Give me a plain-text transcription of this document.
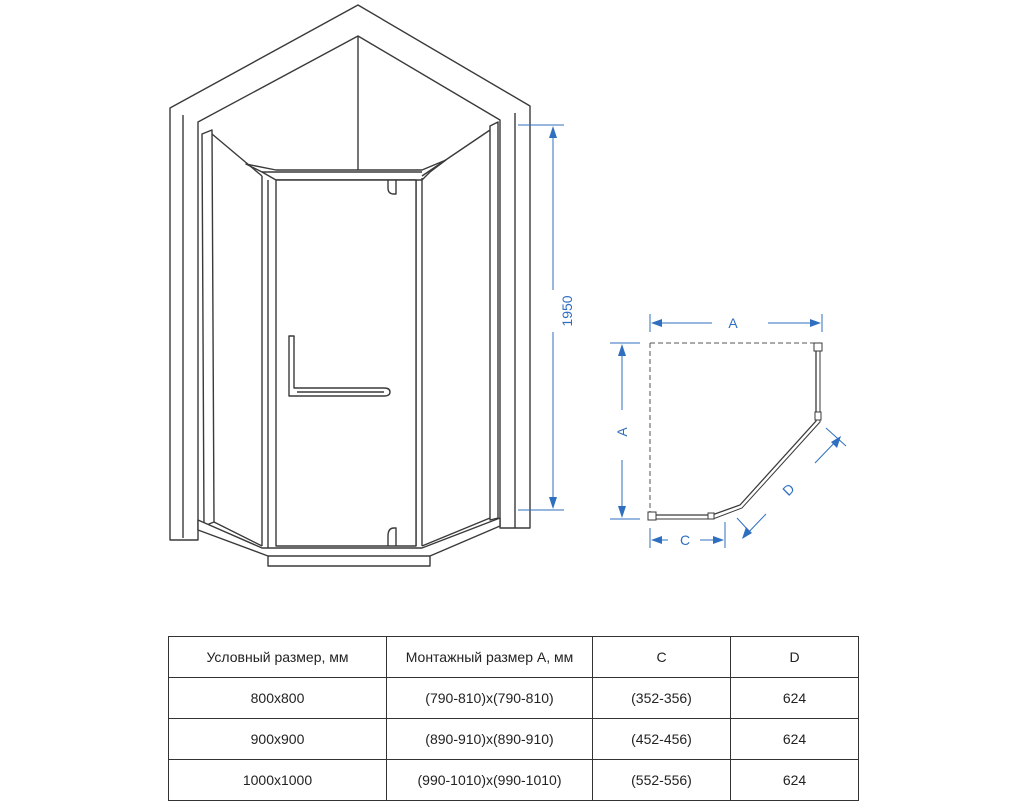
1950	A
A
C
D
Условный размер, мм	Монтажный размер А, мм	C	D
800x800	(790-810)x(790-810)	(352-356)	624
900x900	(890-910)x(890-910)	(452-456)	624
1000x1000	(990-1010)x(990-1010)	(552-556)	624
